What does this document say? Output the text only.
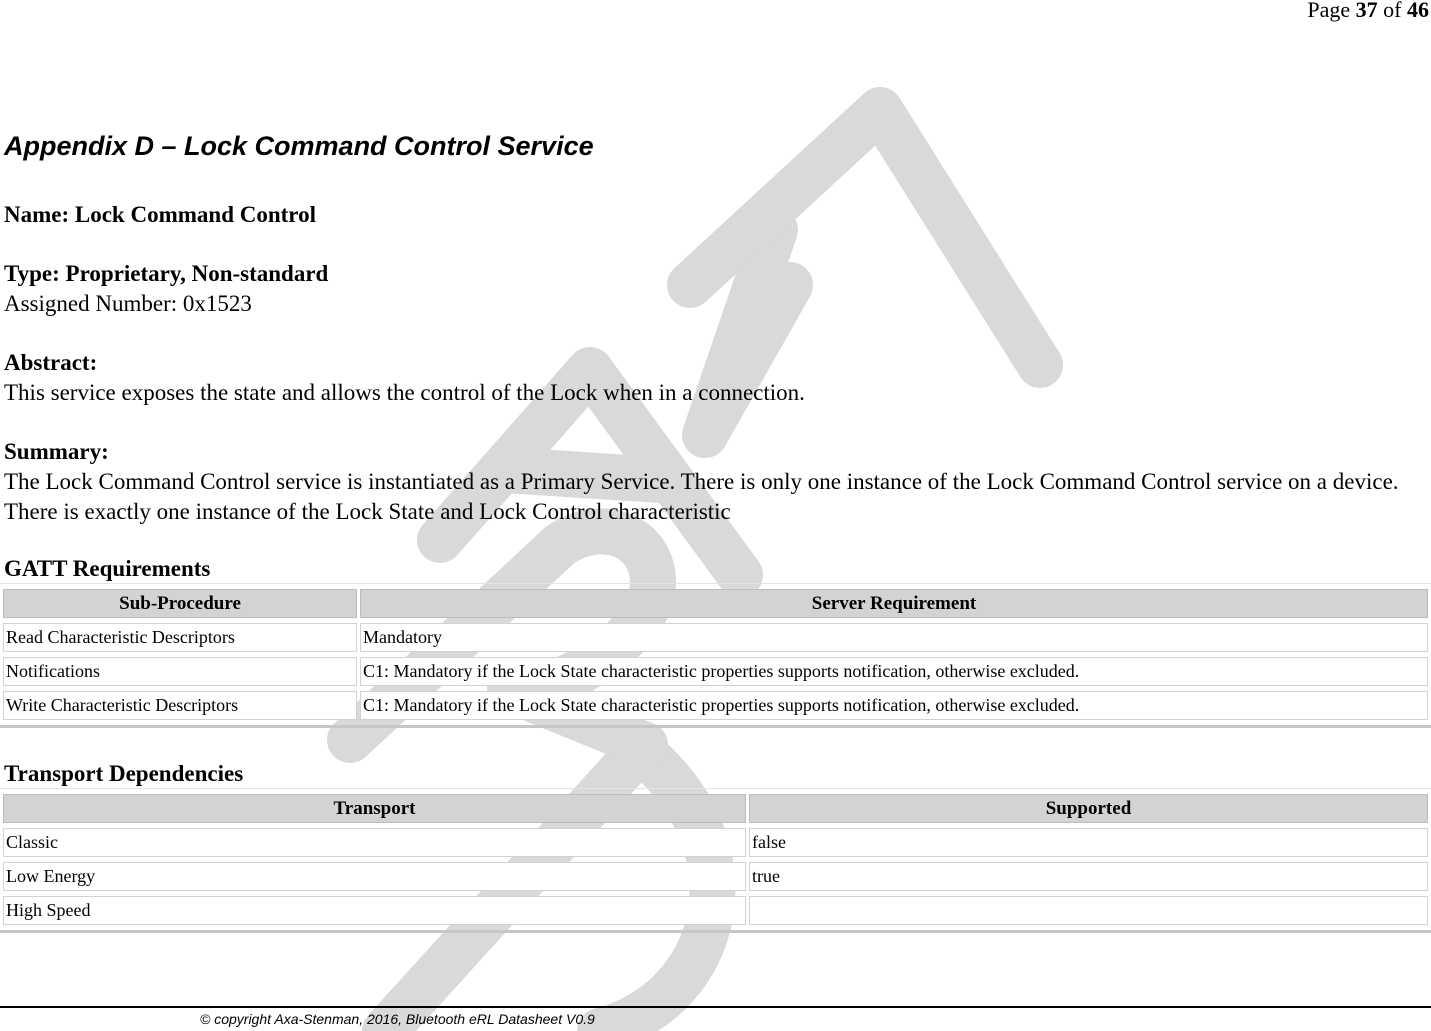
Page 37 of 46
Appendix D – Lock Command Control Service

Name: Lock Command Control

Type: Proprietary, Non-standard

Assigned Number: 0x1523

Abstract:

This service exposes the state and allows the control of the Lock when in a connection.

Summary:

The Lock Command Control service is instantiated as a Primary Service. There is only one instance of the Lock Command Control service on a device. There is exactly one instance of the Lock State and Lock Control characteristic

GATT Requirements

Sub-Procedure	Server Requirement
Read Characteristic Descriptors	Mandatory
Notifications	C1: Mandatory if the Lock State characteristic properties supports notification, otherwise excluded.
Write Characteristic Descriptors	C1: Mandatory if the Lock State characteristic properties supports notification, otherwise excluded.

Transport Dependencies

Transport	Supported
Classic	false
Low Energy	true
High Speed	
© copyright Axa-Stenman, 2016, Bluetooth eRL Datasheet V0.9
